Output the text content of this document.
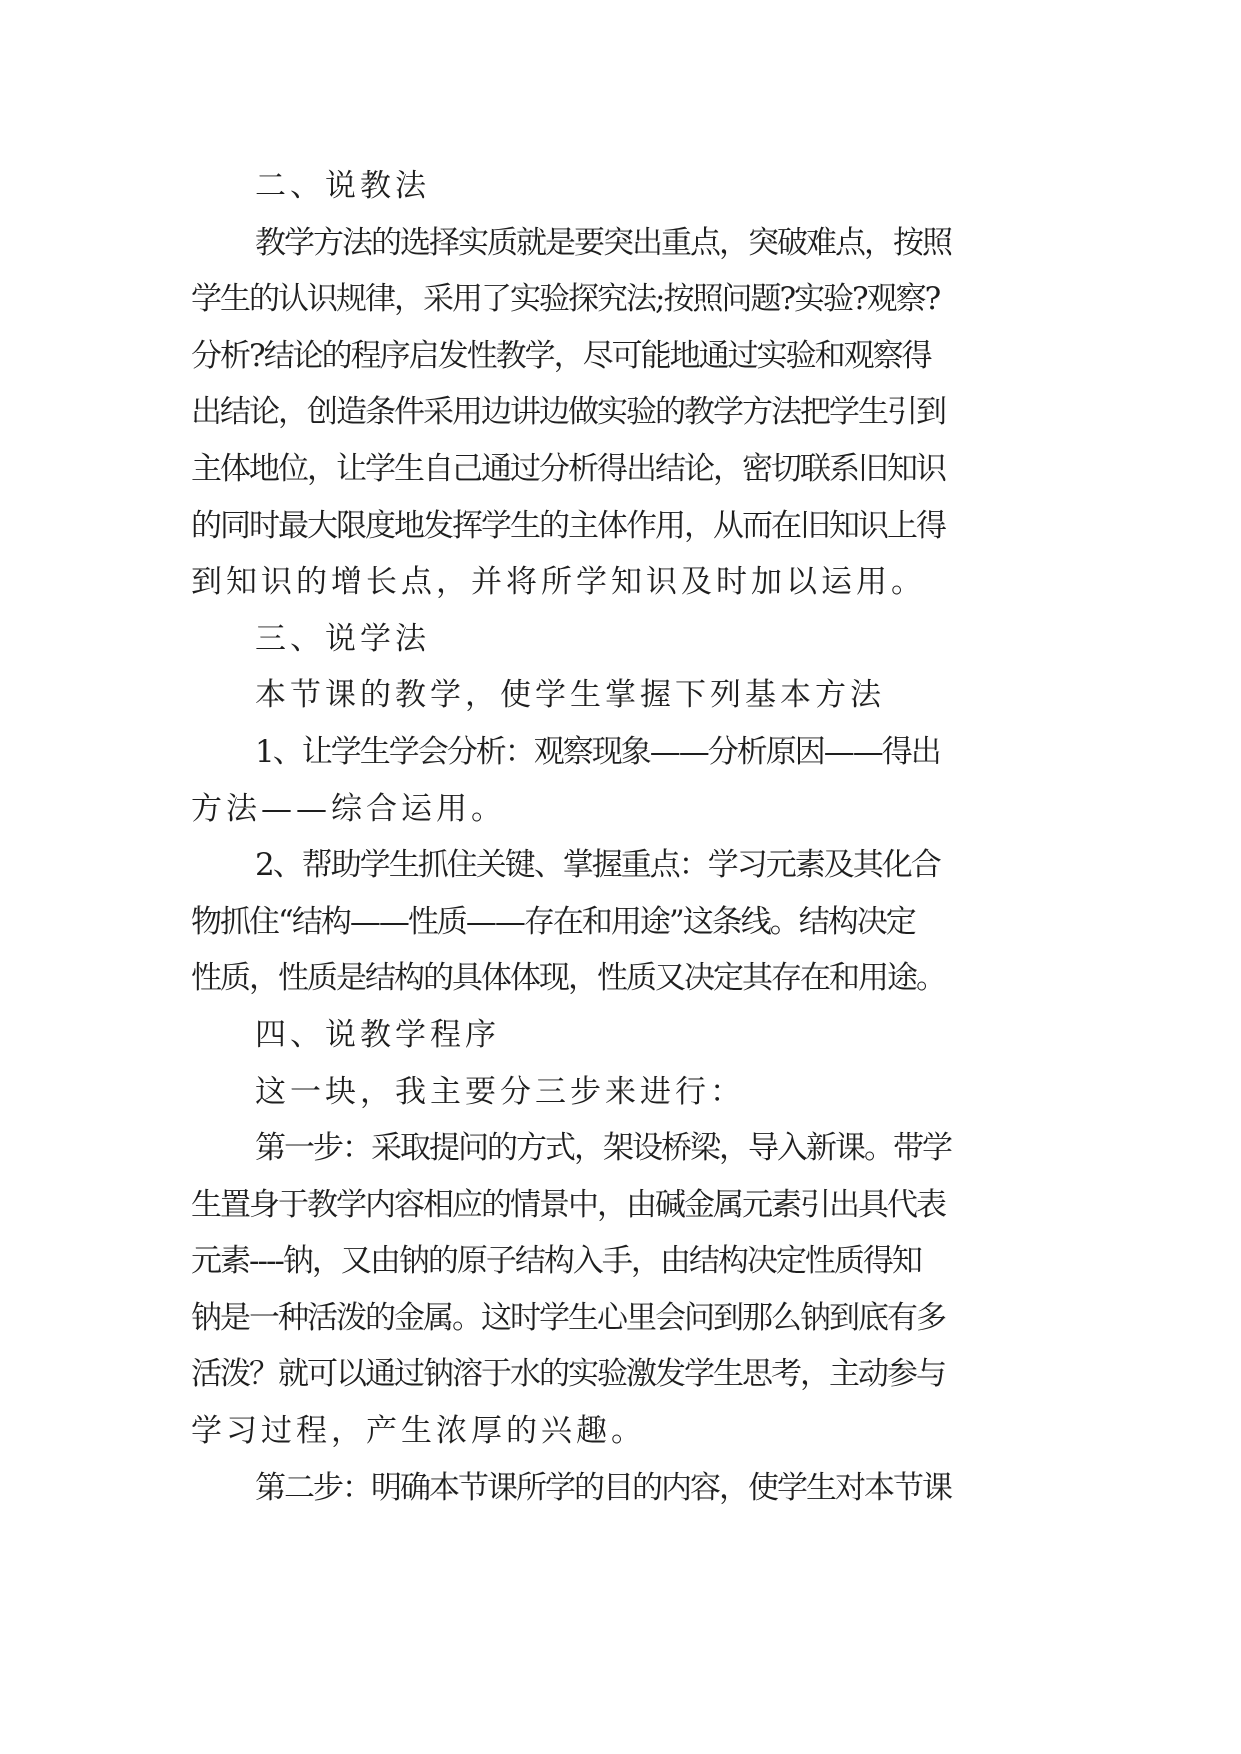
二、说教法
教学方法的选择实质就是要突出重点，突破难点，按照
学生的认识规律，采用了实验探究法;按照问题?实验?观察?
分析?结论的程序启发性教学，尽可能地通过实验和观察得
出结论，创造条件采用边讲边做实验的教学方法把学生引到
主体地位，让学生自己通过分析得出结论，密切联系旧知识
的同时最大限度地发挥学生的主体作用，从而在旧知识上得
到知识的增长点，并将所学知识及时加以运用。
三、说学法
本节课的教学，使学生掌握下列基本方法
1、让学生学会分析：观察现象——分析原因——得出
方法——综合运用。
2、帮助学生抓住关键、掌握重点：学习元素及其化合
物抓住“结构——性质——存在和用途”这条线。结构决定
性质，性质是结构的具体体现，性质又决定其存在和用途。
四、说教学程序
这一块，我主要分三步来进行：
第一步：采取提问的方式，架设桥梁，导入新课。带学
生置身于教学内容相应的情景中，由碱金属元素引出具代表
元素----钠，又由钠的原子结构入手，由结构决定性质得知
钠是一种活泼的金属。这时学生心里会问到那么钠到底有多
活泼？就可以通过钠溶于水的实验激发学生思考，主动参与
学习过程，产生浓厚的兴趣。
第二步：明确本节课所学的目的内容，使学生对本节课
